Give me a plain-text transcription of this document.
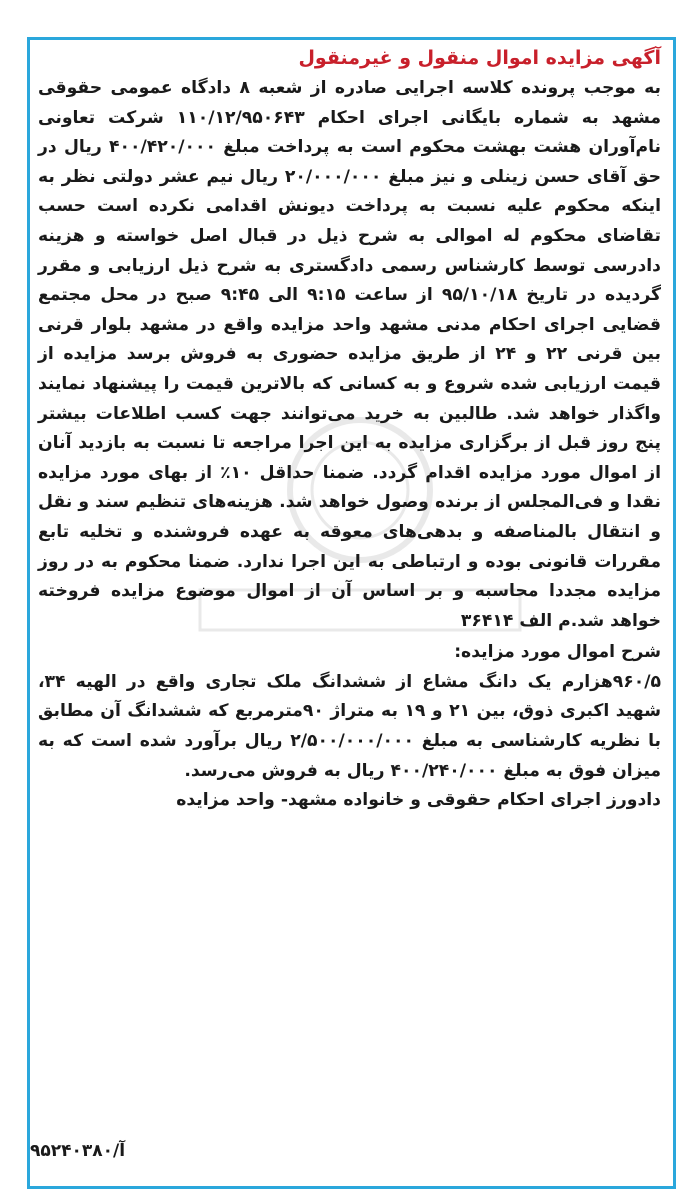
آگهی مزایده اموال منقول و غیرمنقول

به موجب پرونده کلاسه اجرایی صادره از شعبه ۸ دادگاه عمومی حقوقی مشهد به شماره بایگانی اجرای احکام ۱۱۰/۱۲/۹۵۰۶۴۳ شرکت تعاونی نام‌آوران هشت بهشت محکوم است به پرداخت مبلغ ۴۰۰/۴۲۰/۰۰۰ ریال در حق آقای حسن زینلی و نیز مبلغ ۲۰/۰۰۰/۰۰۰ ریال نیم عشر دولتی نظر به اینکه محکوم علیه نسبت به پرداخت دیونش اقدامی نکرده است حسب تقاضای محکوم له اموالی به شرح ذیل در قبال اصل خواسته و هزینه دادرسی توسط کارشناس رسمی دادگستری به شرح ذیل ارزیابی و مقرر گردیده در تاریخ ۹۵/۱۰/۱۸ از ساعت ۹:۱۵ الی ۹:۴۵ صبح در محل مجتمع قضایی اجرای احکام مدنی مشهد واحد مزایده واقع در مشهد بلوار قرنی بین قرنی ۲۲ و ۲۴ از طریق مزایده حضوری به فروش برسد مزایده از قیمت ارزیابی شده شروع و به کسانی که بالاترین قیمت را پیشنهاد نمایند واگذار خواهد شد. طالبین به خرید می‌توانند جهت کسب اطلاعات بیشتر پنج روز قبل از برگزاری مزایده به این اجرا مراجعه تا نسبت به بازدید آنان از اموال مورد مزایده اقدام گردد. ضمنا حداقل ۱۰٪ از بهای مورد مزایده نقدا و فی‌المجلس از برنده وصول خواهد شد. هزینه‌های تنظیم سند و نقل و انتقال بالمناصفه و بدهی‌های معوقه به عهده فروشنده و تخلیه تابع مقررات قانونی بوده و ارتباطی به این اجرا ندارد. ضمنا محکوم به در روز مزایده مجددا محاسبه و بر اساس آن از اموال موضوع مزایده فروخته خواهد شد.م الف ۳۶۴۱۴

شرح اموال مورد مزایده:

۹۶۰/۵هزارم یک دانگ مشاع از ششدانگ ملک تجاری واقع در الهیه ۳۴، شهید اکبری ذوق، بین ۲۱ و ۱۹ به متراژ ۹۰مترمربع که ششدانگ آن مطابق با نظریه کارشناسی به مبلغ ۲/۵۰۰/۰۰۰/۰۰۰ ریال برآورد شده است که به میزان فوق به مبلغ ۴۰۰/۲۴۰/۰۰۰ ریال به فروش می‌رسد.

دادورز اجرای احکام حقوقی و خانواده مشهد- واحد مزایده

آ/۹۵۲۴۰۳۸۰
